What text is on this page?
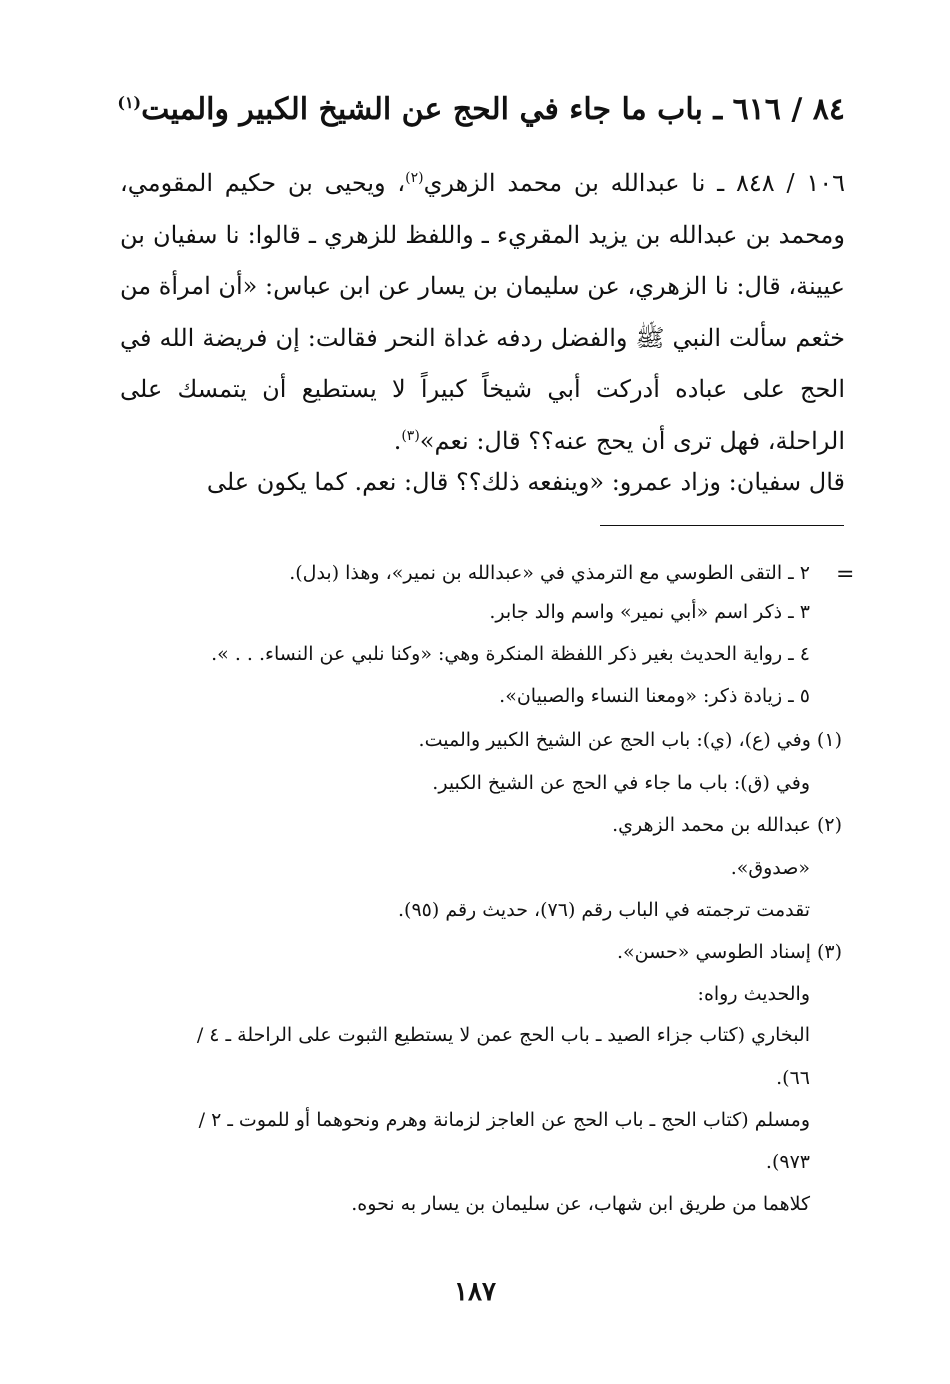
٨٤ / ٦١٦ ـ باب ما جاء في الحج عن الشيخ الكبير والميت$^{(١)}$
١٠٦ / ٨٤٨ ـ نا عبدالله بن محمد الزهري$^{(٢)}$، ويحيى بن حكيم المقومي، ومحمد بن عبدالله بن يزيد المقريء ـ واللفظ للزهري ـ قالوا: نا سفيان بن عيينة، قال: نا الزهري، عن سليمان بن يسار عن ابن عباس: «أن امرأة من خثعم سألت النبي ﷺ والفضل ردفه غداة النحر فقالت: إن فريضة الله في الحج على عباده أدركت أبي شيخاً كبيراً لا يستطيع أن يتمسك على الراحلة، فهل ترى أن يحج عنه؟؟ قال: نعم»$^{(٣)}$.
قال سفيان: وزاد عمرو: «وينفعه ذلك؟؟ قال: نعم. كما يكون على
=
٢ ـ التقى الطوسي مع الترمذي في «عبدالله بن نمير»، وهذا (بدل).
٣ ـ ذكر اسم «أبي نمير» واسم والد جابر.
٤ ـ رواية الحديث بغير ذكر اللفظة المنكرة وهي: «وكنا نلبي عن النساء. . . ».
٥ ـ زيادة ذكر: «ومعنا النساء والصبيان».
(١) وفي (ع)، (ي): باب الحج عن الشيخ الكبير والميت.
وفي (ق): باب ما جاء في الحج عن الشيخ الكبير.
(٢) عبدالله بن محمد الزهري.
«صدوق».
تقدمت ترجمته في الباب رقم (٧٦)، حديث رقم (٩٥).
(٣) إسناد الطوسي «حسن».
والحديث رواه:
البخاري (كتاب جزاء الصيد ـ باب الحج عمن لا يستطيع الثبوت على الراحلة ـ ٤ /
٦٦).
ومسلم (كتاب الحج ـ باب الحج عن العاجز لزمانة وهرم ونحوهما أو للموت ـ ٢ /
٩٧٣).
كلاهما من طريق ابن شهاب، عن سليمان بن يسار به نحوه.
١٨٧
